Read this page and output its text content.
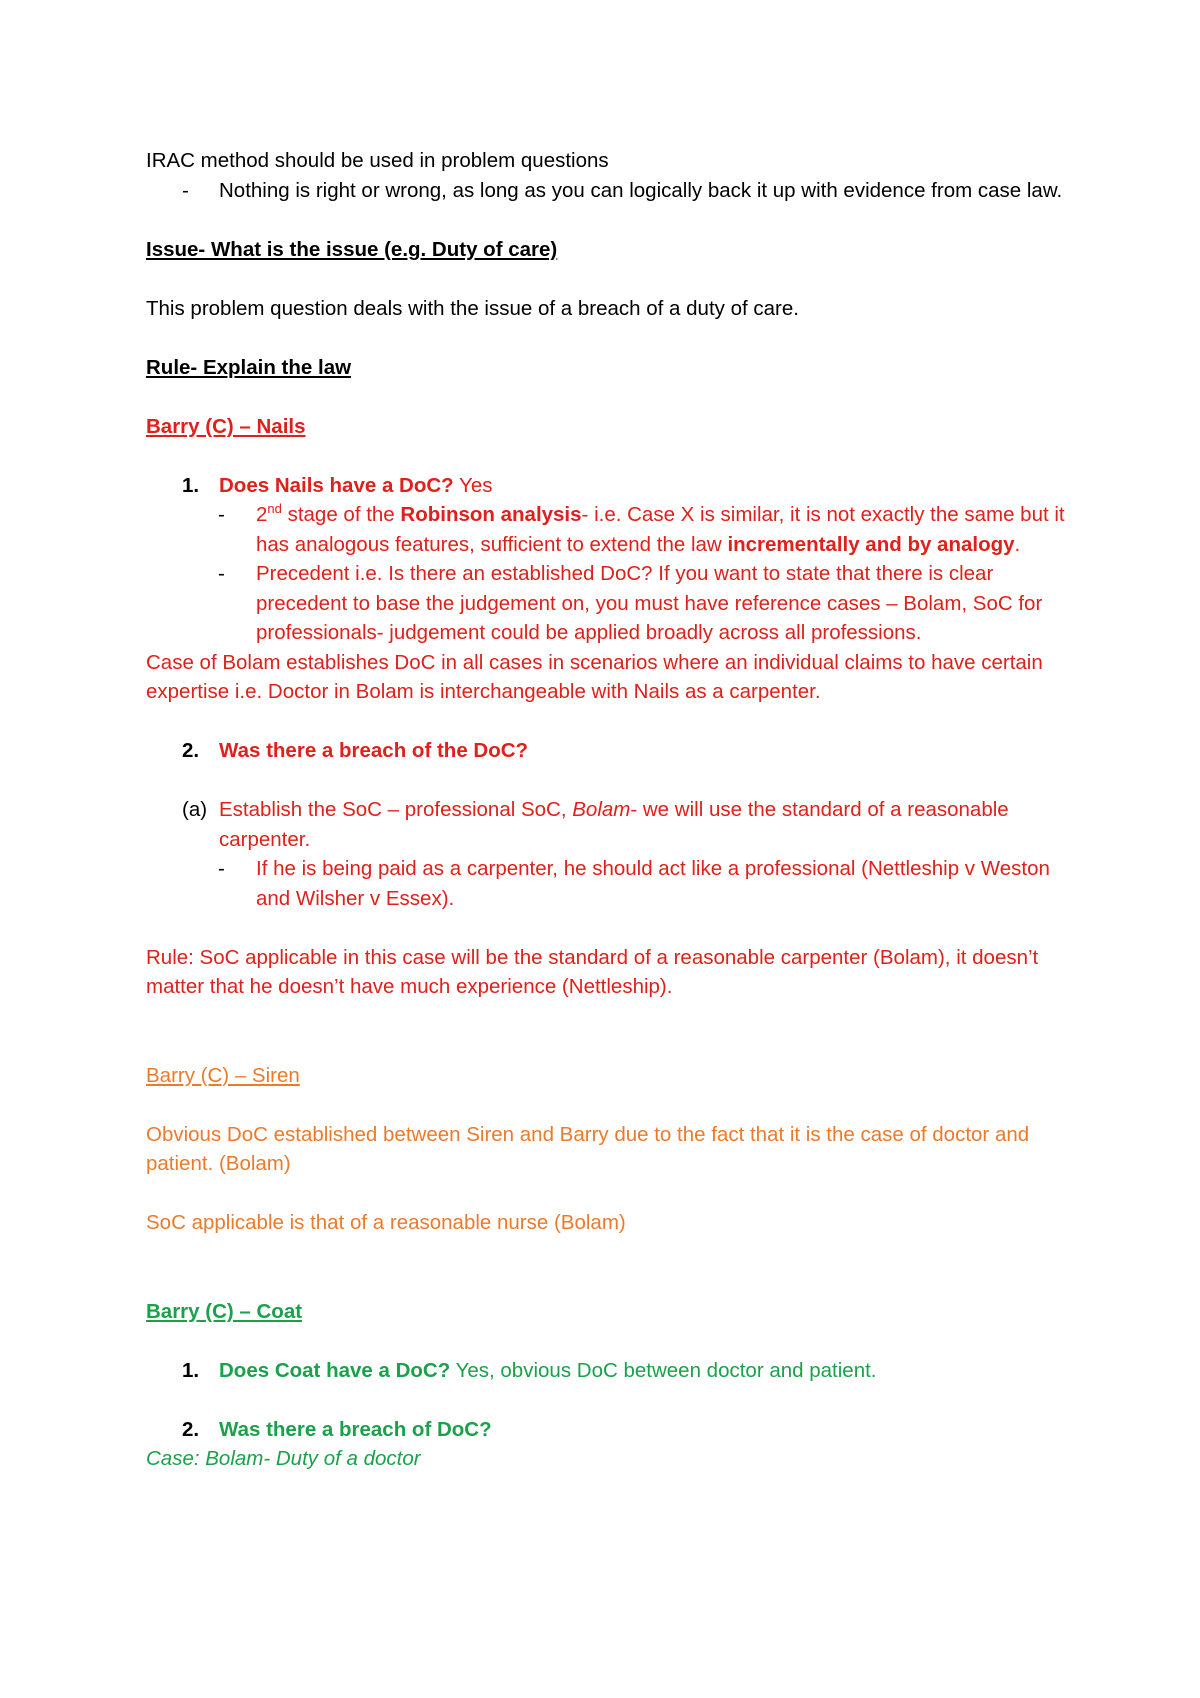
IRAC method should be used in problem questions

-	Nothing is right or wrong, as long as you can logically back it up with evidence from case law.

Issue- What is the issue (e.g. Duty of care)

This problem question deals with the issue of a breach of a duty of care.

Rule- Explain the law

Barry (C) – Nails

1. Does Nails have a DoC? Yes
-	2nd stage of the Robinson analysis- i.e. Case X is similar, it is not exactly the same but it has analogous features, sufficient to extend the law incrementally and by analogy.
-	Precedent i.e. Is there an established DoC? If you want to state that there is clear precedent to base the judgement on, you must have reference cases – Bolam, SoC for professionals- judgement could be applied broadly across all professions.

Case of Bolam establishes DoC in all cases in scenarios where an individual claims to have certain expertise i.e. Doctor in Bolam is interchangeable with Nails as a carpenter.

2. Was there a breach of the DoC?
(a) Establish the SoC – professional SoC, Bolam- we will use the standard of a reasonable carpenter.
-	If he is being paid as a carpenter, he should act like a professional (Nettleship v Weston and Wilsher v Essex).

Rule: SoC applicable in this case will be the standard of a reasonable carpenter (Bolam), it doesn’t matter that he doesn’t have much experience (Nettleship).

Barry (C) – Siren

Obvious DoC established between Siren and Barry due to the fact that it is the case of doctor and patient. (Bolam)

SoC applicable is that of a reasonable nurse (Bolam)

Barry (C) – Coat

1. Does Coat have a DoC? Yes, obvious DoC between doctor and patient.
2. Was there a breach of DoC?

Case: Bolam- Duty of a doctor
